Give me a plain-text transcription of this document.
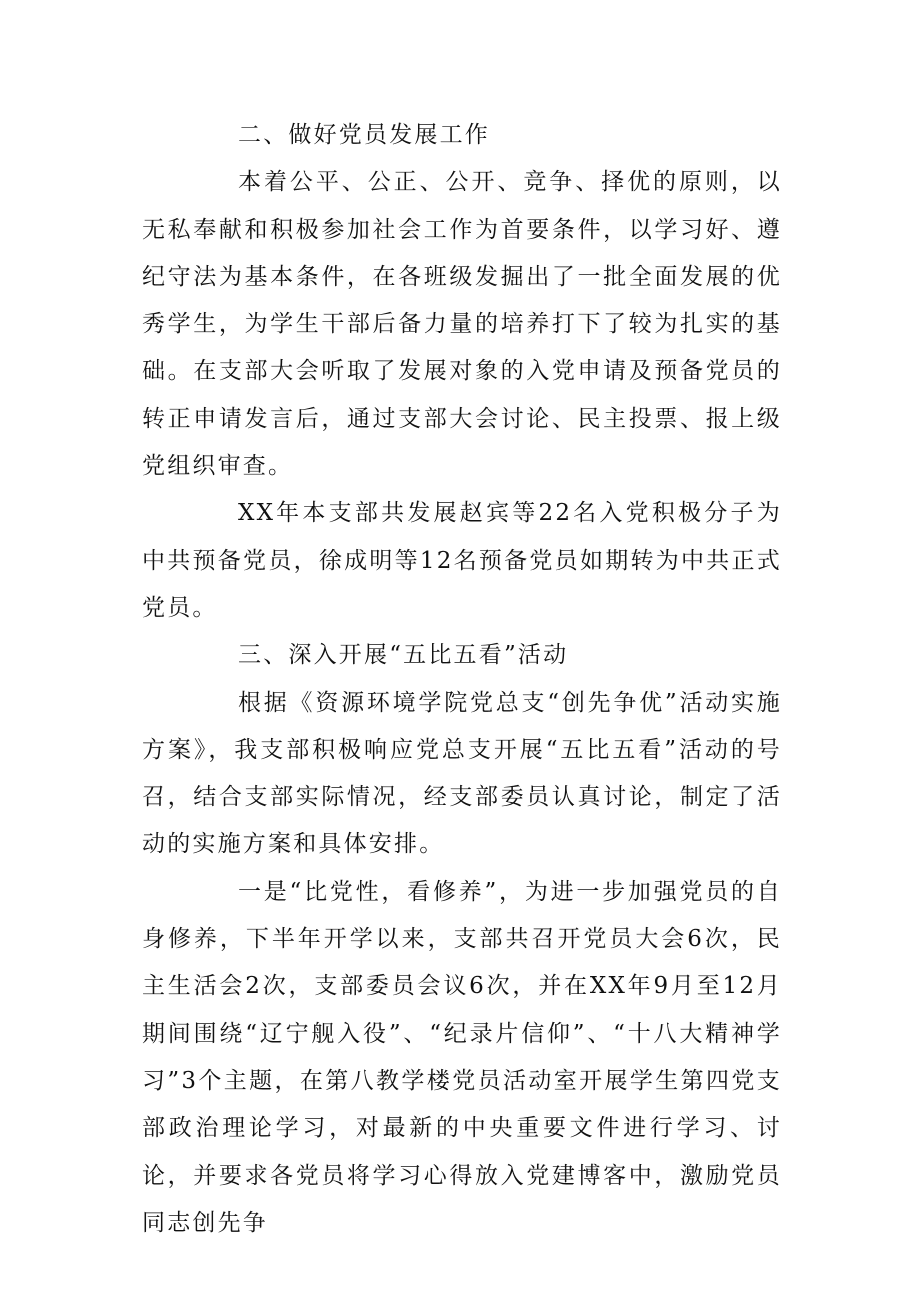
二、做好党员发展工作

本着公平、公正、公开、竞争、择优的原则，以无私奉献和积极参加社会工作为首要条件，以学习好、遵纪守法为基本条件，在各班级发掘出了一批全面发展的优秀学生，为学生干部后备力量的培养打下了较为扎实的基础。在支部大会听取了发展对象的入党申请及预备党员的转正申请发言后，通过支部大会讨论、民主投票、报上级党组织审查。

XX年本支部共发展赵宾等22名入党积极分子为中共预备党员，徐成明等12名预备党员如期转为中共正式党员。

三、深入开展“五比五看”活动

根据《资源环境学院党总支“创先争优”活动实施方案》，我支部积极响应党总支开展“五比五看”活动的号召，结合支部实际情况，经支部委员认真讨论，制定了活动的实施方案和具体安排。

一是“比党性，看修养”，为进一步加强党员的自身修养，下半年开学以来，支部共召开党员大会6次，民主生活会2次，支部委员会议6次，并在XX年9月至12月期间围绕“辽宁舰入役”、“纪录片信仰”、“十八大精神学习”3个主题，在第八教学楼党员活动室开展学生第四党支部政治理论学习，对最新的中央重要文件进行学习、讨论，并要求各党员将学习心得放入党建博客中，激励党员同志创先争
